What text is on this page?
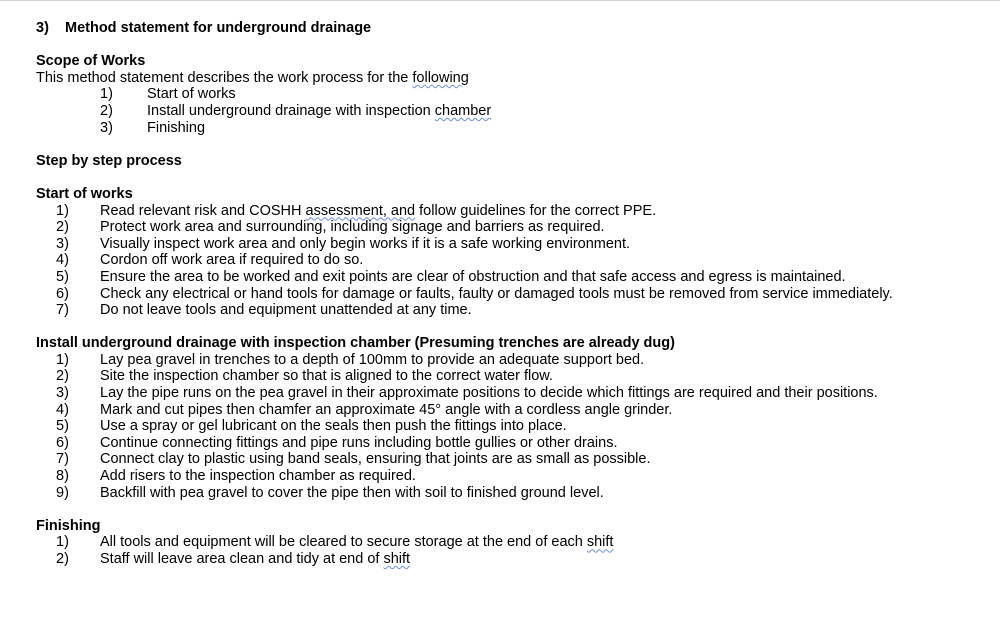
3) Method statement for underground drainage
Scope of Works
This method statement describes the work process for the following
1)	Start of works
2)	Install underground drainage with inspection chamber
3)	Finishing
Step by step process
Start of works
1)	Read relevant risk and COSHH assessment, and follow guidelines for the correct PPE.
2)	Protect work area and surrounding, including signage and barriers as required.
3)	Visually inspect work area and only begin works if it is a safe working environment.
4)	Cordon off work area if required to do so.
5)	Ensure the area to be worked and exit points are clear of obstruction and that safe access and egress is maintained.
6)	Check any electrical or hand tools for damage or faults, faulty or damaged tools must be removed from service immediately.
7)	Do not leave tools and equipment unattended at any time.
Install underground drainage with inspection chamber (Presuming trenches are already dug)
1)	Lay pea gravel in trenches to a depth of 100mm to provide an adequate support bed.
2)	Site the inspection chamber so that is aligned to the correct water flow.
3)	Lay the pipe runs on the pea gravel in their approximate positions to decide which fittings are required and their positions.
4)	Mark and cut pipes then chamfer an approximate 45° angle with a cordless angle grinder.
5)	Use a spray or gel lubricant on the seals then push the fittings into place.
6)	Continue connecting fittings and pipe runs including bottle gullies or other drains.
7)	Connect clay to plastic using band seals, ensuring that joints are as small as possible.
8)	Add risers to the inspection chamber as required.
9)	Backfill with pea gravel to cover the pipe then with soil to finished ground level.
Finishing
1)	All tools and equipment will be cleared to secure storage at the end of each shift
2)	Staff will leave area clean and tidy at end of shift
